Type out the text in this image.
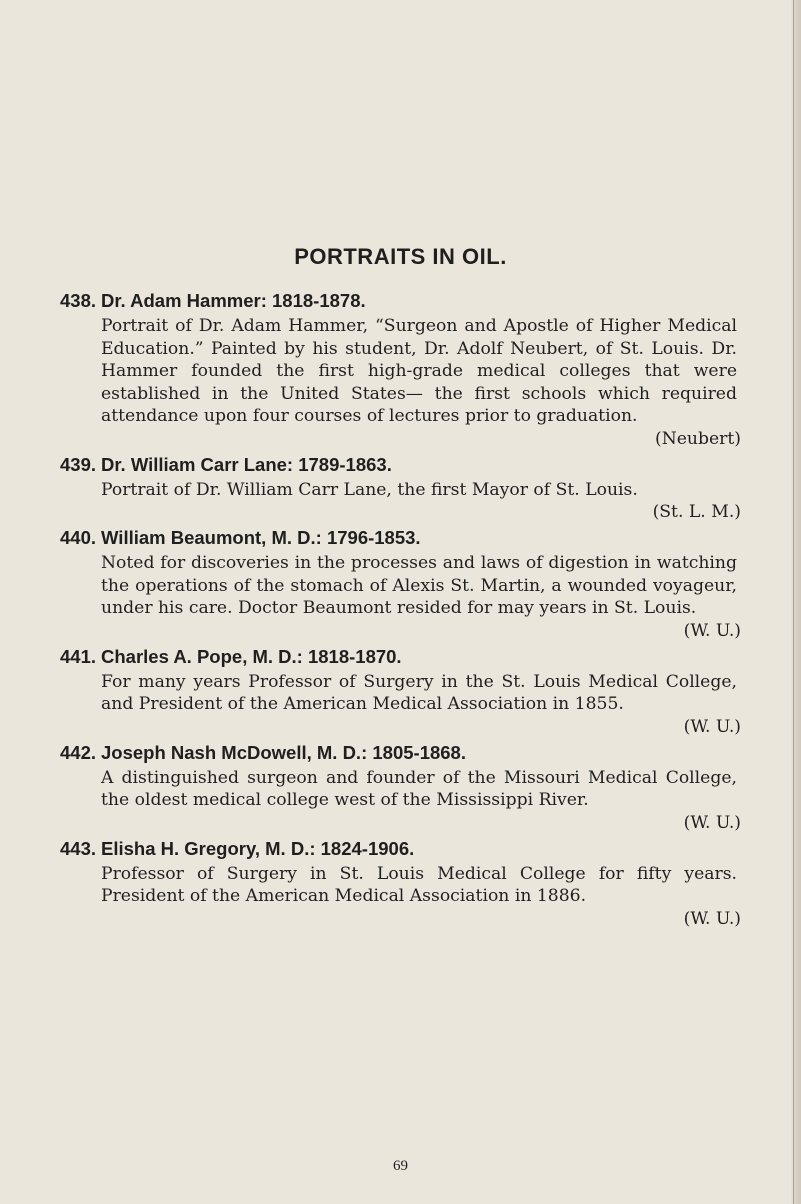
PORTRAITS IN OIL.
438. Dr. Adam Hammer: 1818-1878.

Portrait of Dr. Adam Hammer, “Surgeon and Apostle of Higher Medical Education.” Painted by his student, Dr. Adolf Neubert, of St. Louis. Dr. Hammer founded the first high-grade medical colleges that were established in the United States— the first schools which required attendance upon four courses of lectures prior to graduation.

(Neubert)

439. Dr. William Carr Lane: 1789-1863.

Portrait of Dr. William Carr Lane, the first Mayor of St. Louis.

(St. L. M.)

440. William Beaumont, M. D.: 1796-1853.

Noted for discoveries in the processes and laws of digestion in watching the operations of the stomach of Alexis St. Martin, a wounded voyageur, under his care. Doctor Beaumont resided for may years in St. Louis.

(W. U.)

441. Charles A. Pope, M. D.: 1818-1870.

For many years Professor of Surgery in the St. Louis Medical College, and President of the American Medical Association in 1855.

(W. U.)

442. Joseph Nash McDowell, M. D.: 1805-1868.

A distinguished surgeon and founder of the Missouri Medical College, the oldest medical college west of the Mississippi River.

(W. U.)

443. Elisha H. Gregory, M. D.: 1824-1906.

Professor of Surgery in St. Louis Medical College for fifty years. President of the American Medical Association in 1886.

(W. U.)

69
